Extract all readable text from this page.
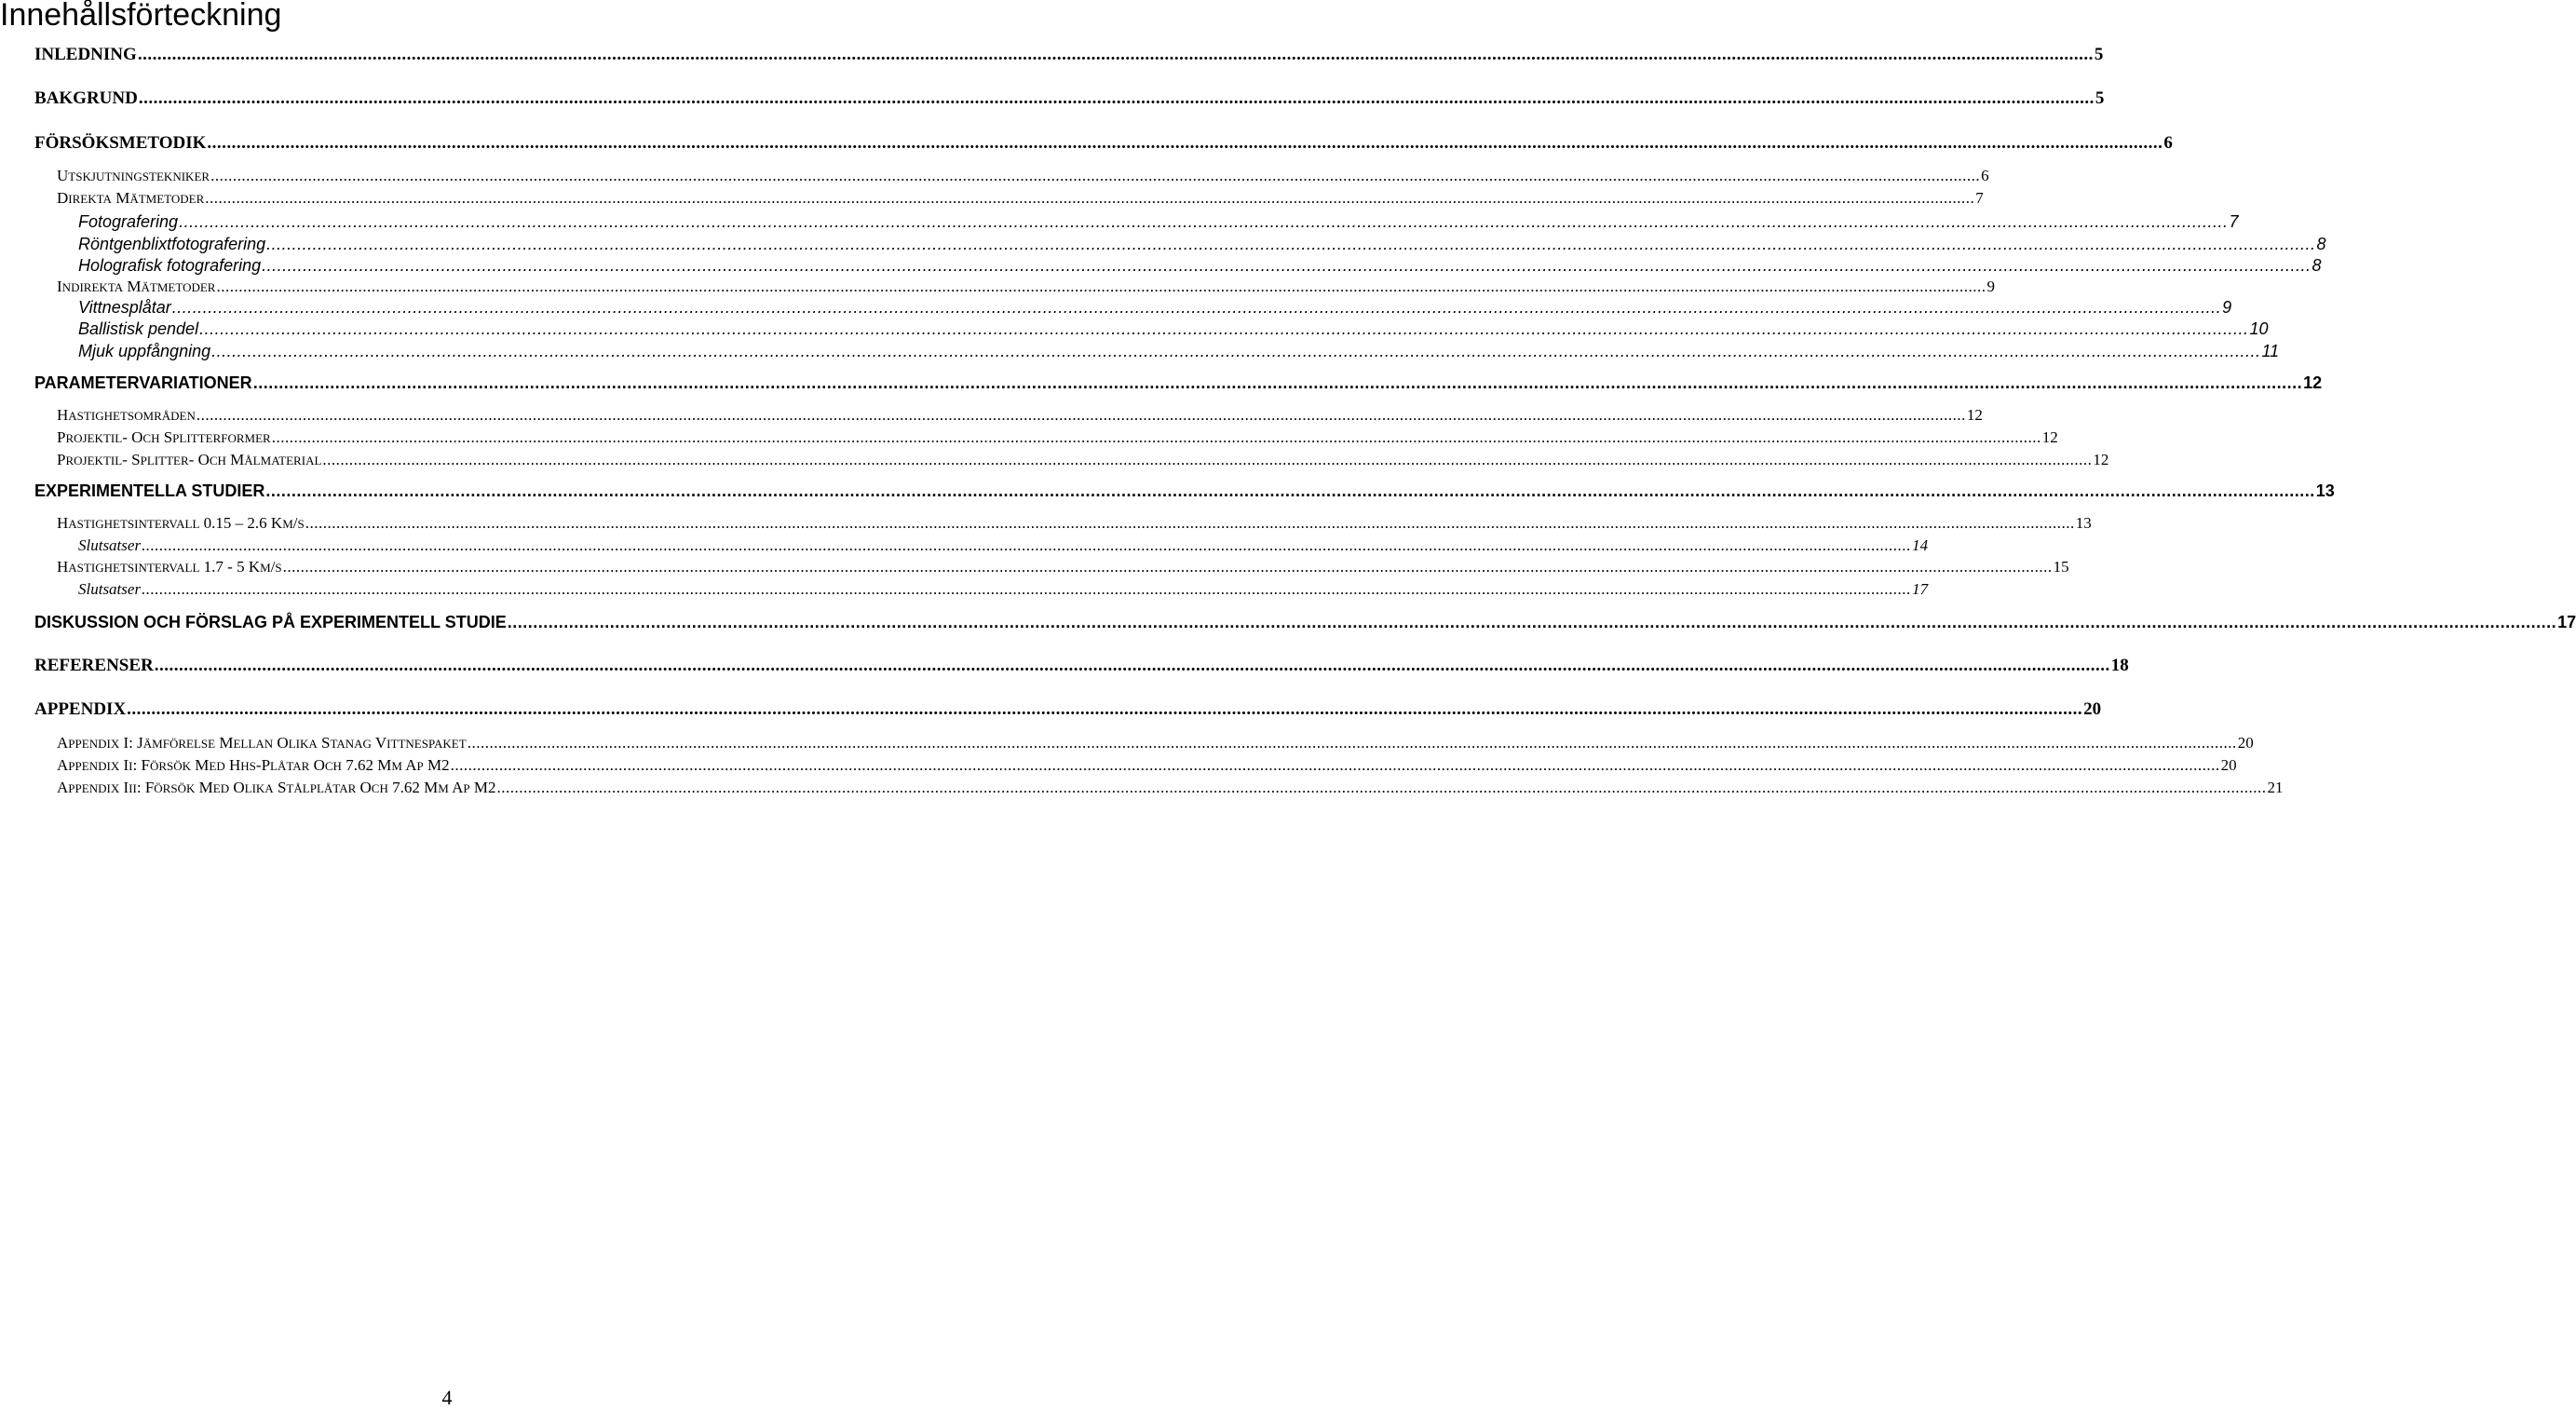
Innehållsförteckning
INLEDNING ................................................................................................................................................................................................................................................................................................................................................................................................................ 5
BAKGRUND ................................................................................................................................................................................................................................................................................................................................................................................................................ 5
FÖRSÖKSMETODIK ................................................................................................................................................................................................................................................................................................................................................................................................................ 6
UTSKJUTNINGSTEKNIKER ................................................................................................................................................................................................................................................................................................................................................................................................................ 6
DIREKTA MÄTMETODER ................................................................................................................................................................................................................................................................................................................................................................................................................ 7
Fotografering ................................................................................................................................................................................................................................................................................................................................................................................................................ 7
Röntgenblixtfotografering ................................................................................................................................................................................................................................................................................................................................................................................................................ 8
Holografisk fotografering ................................................................................................................................................................................................................................................................................................................................................................................................................ 8
INDIREKTA MÄTMETODER ................................................................................................................................................................................................................................................................................................................................................................................................................ 9
Vittnesplåtar ................................................................................................................................................................................................................................................................................................................................................................................................................ 9
Ballistisk pendel ................................................................................................................................................................................................................................................................................................................................................................................................................ 10
Mjuk uppfångning ................................................................................................................................................................................................................................................................................................................................................................................................................ 11
PARAMETERVARIATIONER ................................................................................................................................................................................................................................................................................................................................................................................................................ 12
HASTIGHETSOMRÅDEN ................................................................................................................................................................................................................................................................................................................................................................................................................ 12
PROJEKTIL- OCH SPLITTERFORMER ................................................................................................................................................................................................................................................................................................................................................................................................................ 12
PROJEKTIL- SPLITTER- OCH MÅLMATERIAL ................................................................................................................................................................................................................................................................................................................................................................................................................ 12
EXPERIMENTELLA STUDIER ................................................................................................................................................................................................................................................................................................................................................................................................................ 13
HASTIGHETSINTERVALL 0.15 – 2.6 KM/S ................................................................................................................................................................................................................................................................................................................................................................................................................ 13
Slutsatser ................................................................................................................................................................................................................................................................................................................................................................................................................ 14
HASTIGHETSINTERVALL 1.7 - 5 KM/S ................................................................................................................................................................................................................................................................................................................................................................................................................ 15
Slutsatser ................................................................................................................................................................................................................................................................................................................................................................................................................ 17
DISKUSSION OCH FÖRSLAG PÅ EXPERIMENTELL STUDIE ................................................................................................................................................................................................................................................................................................................................................................................................................ 17
REFERENSER ................................................................................................................................................................................................................................................................................................................................................................................................................ 18
APPENDIX ................................................................................................................................................................................................................................................................................................................................................................................................................ 20
APPENDIX I: JÄMFÖRELSE MELLAN OLIKA STANAG VITTNESPAKET ................................................................................................................................................................................................................................................................................................................................................................................................................ 20
APPENDIX II: FÖRSÖK MED HHS-PLÅTAR OCH 7.62 MM AP M2 ................................................................................................................................................................................................................................................................................................................................................................................................................ 20
APPENDIX III: FÖRSÖK MED OLIKA STÅLPLÅTAR OCH 7.62 MM AP M2 ................................................................................................................................................................................................................................................................................................................................................................................................................ 21
4
